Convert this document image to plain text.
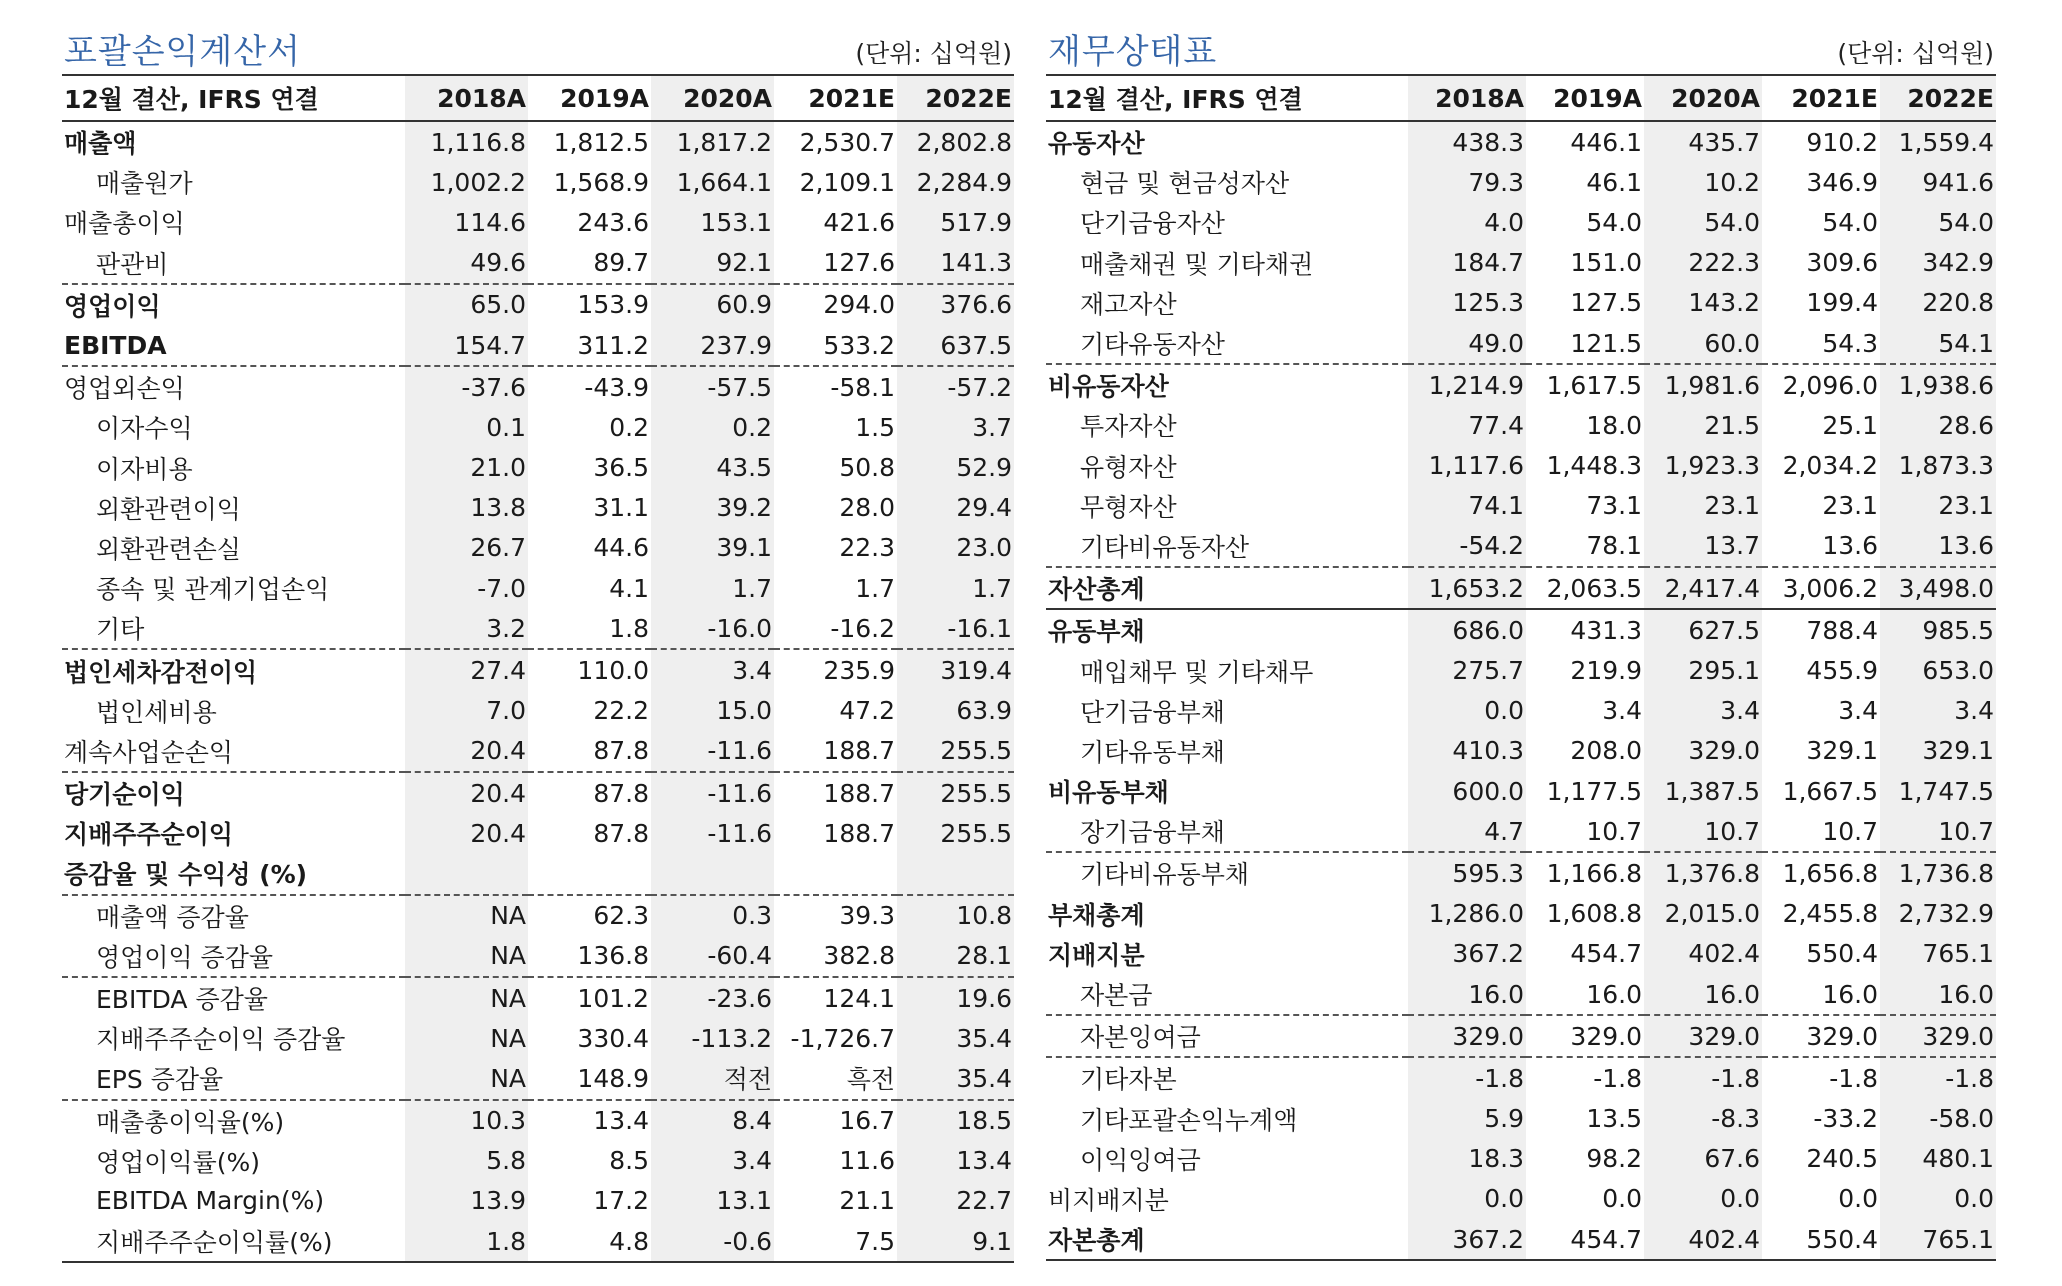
포괄손익계산서	(단위: 십억원)
12월 결산, IFRS 연결	2018A	2019A	2020A	2021E	2022E
매출액	1,116.8	1,812.5	1,817.2	2,530.7	2,802.8
매출원가	1,002.2	1,568.9	1,664.1	2,109.1	2,284.9
매출총이익	114.6	243.6	153.1	421.6	517.9
판관비	49.6	89.7	92.1	127.6	141.3
영업이익	65.0	153.9	60.9	294.0	376.6
EBITDA	154.7	311.2	237.9	533.2	637.5
영업외손익	-37.6	-43.9	-57.5	-58.1	-57.2
이자수익	0.1	0.2	0.2	1.5	3.7
이자비용	21.0	36.5	43.5	50.8	52.9
외환관련이익	13.8	31.1	39.2	28.0	29.4
외환관련손실	26.7	44.6	39.1	22.3	23.0
종속 및 관계기업손익	-7.0	4.1	1.7	1.7	1.7
기타	3.2	1.8	-16.0	-16.2	-16.1
법인세차감전이익	27.4	110.0	3.4	235.9	319.4
법인세비용	7.0	22.2	15.0	47.2	63.9
계속사업순손익	20.4	87.8	-11.6	188.7	255.5
당기순이익	20.4	87.8	-11.6	188.7	255.5
지배주주순이익	20.4	87.8	-11.6	188.7	255.5
증감율 및 수익성 (%)					
매출액 증감율	NA	62.3	0.3	39.3	10.8
영업이익 증감율	NA	136.8	-60.4	382.8	28.1
EBITDA 증감율	NA	101.2	-23.6	124.1	19.6
지배주주순이익 증감율	NA	330.4	-113.2	-1,726.7	35.4
EPS 증감율	NA	148.9	적전	흑전	35.4
매출총이익율(%)	10.3	13.4	8.4	16.7	18.5
영업이익률(%)	5.8	8.5	3.4	11.6	13.4
EBITDA Margin(%)	13.9	17.2	13.1	21.1	22.7
지배주주순이익률(%)	1.8	4.8	-0.6	7.5	9.1
재무상태표	(단위: 십억원)
12월 결산, IFRS 연결	2018A	2019A	2020A	2021E	2022E
유동자산	438.3	446.1	435.7	910.2	1,559.4
현금 및 현금성자산	79.3	46.1	10.2	346.9	941.6
단기금융자산	4.0	54.0	54.0	54.0	54.0
매출채권 및 기타채권	184.7	151.0	222.3	309.6	342.9
재고자산	125.3	127.5	143.2	199.4	220.8
기타유동자산	49.0	121.5	60.0	54.3	54.1
비유동자산	1,214.9	1,617.5	1,981.6	2,096.0	1,938.6
투자자산	77.4	18.0	21.5	25.1	28.6
유형자산	1,117.6	1,448.3	1,923.3	2,034.2	1,873.3
무형자산	74.1	73.1	23.1	23.1	23.1
기타비유동자산	-54.2	78.1	13.7	13.6	13.6
자산총계	1,653.2	2,063.5	2,417.4	3,006.2	3,498.0
유동부채	686.0	431.3	627.5	788.4	985.5
매입채무 및 기타채무	275.7	219.9	295.1	455.9	653.0
단기금융부채	0.0	3.4	3.4	3.4	3.4
기타유동부채	410.3	208.0	329.0	329.1	329.1
비유동부채	600.0	1,177.5	1,387.5	1,667.5	1,747.5
장기금융부채	4.7	10.7	10.7	10.7	10.7
기타비유동부채	595.3	1,166.8	1,376.8	1,656.8	1,736.8
부채총계	1,286.0	1,608.8	2,015.0	2,455.8	2,732.9
지배지분	367.2	454.7	402.4	550.4	765.1
자본금	16.0	16.0	16.0	16.0	16.0
자본잉여금	329.0	329.0	329.0	329.0	329.0
기타자본	-1.8	-1.8	-1.8	-1.8	-1.8
기타포괄손익누계액	5.9	13.5	-8.3	-33.2	-58.0
이익잉여금	18.3	98.2	67.6	240.5	480.1
비지배지분	0.0	0.0	0.0	0.0	0.0
자본총계	367.2	454.7	402.4	550.4	765.1
